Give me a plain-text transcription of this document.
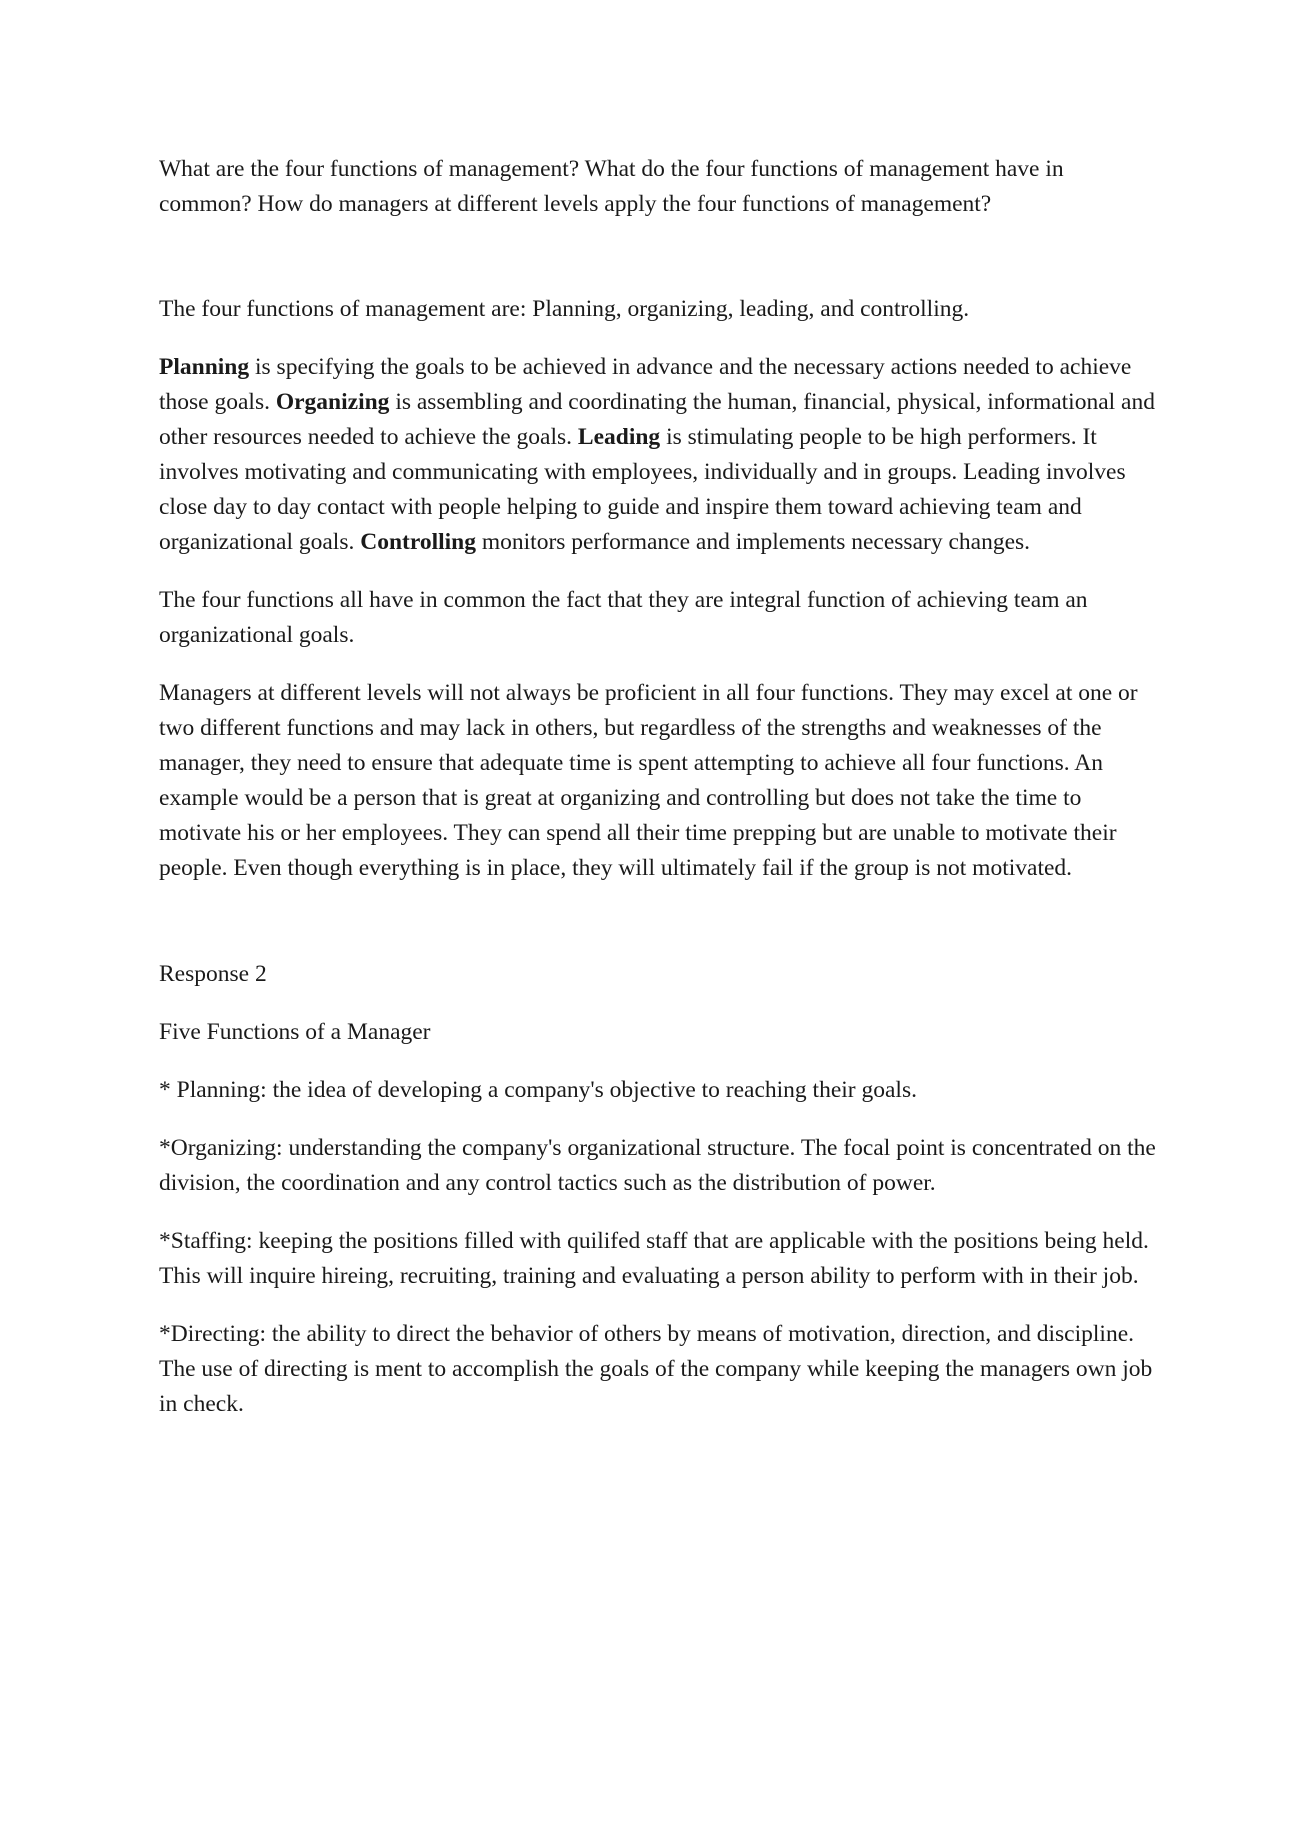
What are the four functions of management? What do the four functions of management have in common? How do managers at different levels apply the four functions of management?

The four functions of management are: Planning, organizing, leading, and controlling.

Planning is specifying the goals to be achieved in advance and the necessary actions needed to achieve those goals. Organizing is assembling and coordinating the human, financial, physical, informational and other resources needed to achieve the goals. Leading is stimulating people to be high performers. It involves motivating and communicating with employees, individually and in groups. Leading involves close day to day contact with people helping to guide and inspire them toward achieving team and organizational goals. Controlling monitors performance and implements necessary changes.

The four functions all have in common the fact that they are integral function of achieving team an organizational goals.

Managers at different levels will not always be proficient in all four functions. They may excel at one or two different functions and may lack in others, but regardless of the strengths and weaknesses of the manager, they need to ensure that adequate time is spent attempting to achieve all four functions. An example would be a person that is great at organizing and controlling but does not take the time to motivate his or her employees. They can spend all their time prepping but are unable to motivate their people. Even though everything is in place, they will ultimately fail if the group is not motivated.

Response 2

Five Functions of a Manager

* Planning: the idea of developing a company's objective to reaching their goals.

*Organizing: understanding the company's organizational structure. The focal point is concentrated on the division, the coordination and any control tactics such as the distribution of power.

*Staffing: keeping the positions filled with quilifed staff that are applicable with the positions being held. This will inquire hireing, recruiting, training and evaluating a person ability to perform with in their job.

*Directing: the ability to direct the behavior of others by means of motivation, direction, and discipline. The use of directing is ment to accomplish the goals of the company while keeping the managers own job in check.
